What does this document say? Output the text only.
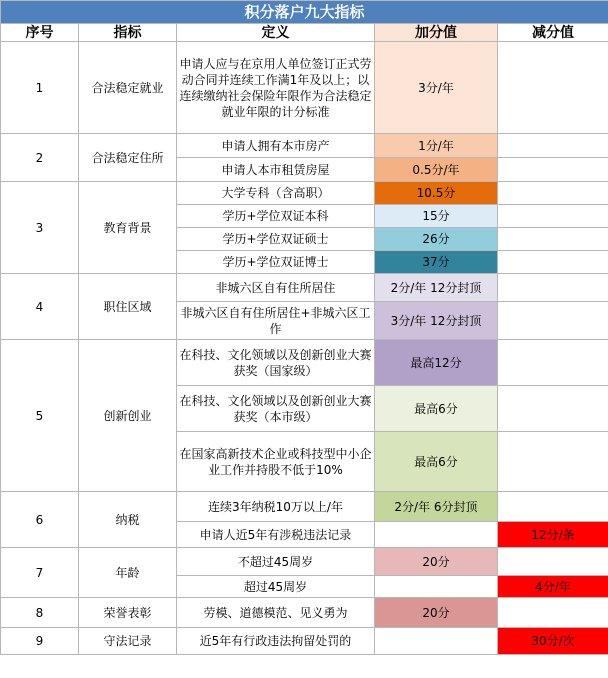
积分落户九大指标				
序号	指标	定义	加分值	减分值
1	合法稳定就业	申请人应与在京用人单位签订正式劳动合同并连续工作满1年及以上；以连续缴纳社会保险年限作为合法稳定就业年限的计分标准	3分/年	
2	合法稳定住所	申请人拥有本市房产	1分/年	
		申请人本市租赁房屋	0.5分/年	
3	教育背景	大学专科（含高职）	10.5分	
		学历+学位双证本科	15分	
		学历+学位双证硕士	26分	
		学历+学位双证博士	37分	
4	职住区域	非城六区自有住所居住	2分/年 12分封顶	
		非城六区自有住所居住+非城六区工作	3分/年 12分封顶	
5	创新创业	在科技、文化领域以及创新创业大赛获奖（国家级）	最高12分	
		在科技、文化领域以及创新创业大赛获奖（本市级）	最高6分	
		在国家高新技术企业或科技型中小企业工作并持股不低于10%	最高6分	
6	纳税	连续3年纳税10万以上/年	2分/年 6分封顶	
		申请人近5年有涉税违法记录		12分/条
7	年龄	不超过45周岁	20分	
		超过45周岁		4分/年
8	荣誉表彰	劳模、道德模范、见义勇为	20分	
9	守法记录	近5年有行政违法拘留处罚的		30分/次
